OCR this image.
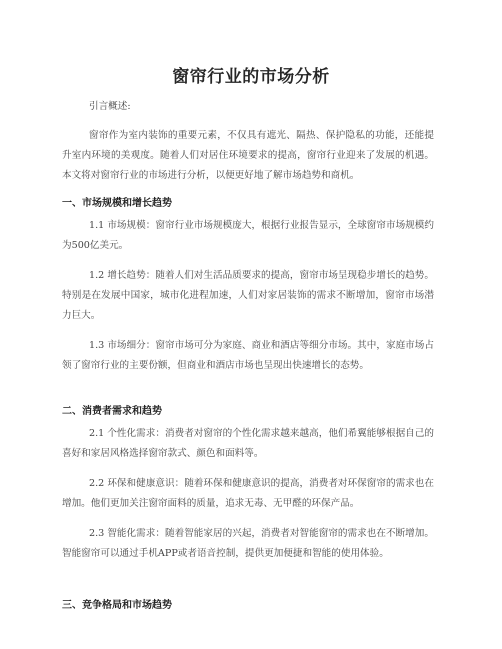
窗帘行业的市场分析

引言概述:

窗帘作为室内装饰的重要元素，不仅具有遮光、隔热、保护隐私的功能，还能提升室内环境的美观度。随着人们对居住环境要求的提高，窗帘行业迎来了发展的机遇。本文将对窗帘行业的市场进行分析，以便更好地了解市场趋势和商机。

一、市场规模和增长趋势

1.1 市场规模：窗帘行业市场规模庞大，根据行业报告显示，全球窗帘市场规模约为500亿美元。

1.2 增长趋势：随着人们对生活品质要求的提高，窗帘市场呈现稳步增长的趋势。特别是在发展中国家，城市化进程加速，人们对家居装饰的需求不断增加，窗帘市场潜力巨大。

1.3 市场细分：窗帘市场可分为家庭、商业和酒店等细分市场。其中，家庭市场占领了窗帘行业的主要份额，但商业和酒店市场也呈现出快速增长的态势。

二、消费者需求和趋势

2.1 个性化需求：消费者对窗帘的个性化需求越来越高，他们希翼能够根据自己的喜好和家居风格选择窗帘款式、颜色和面料等。

2.2 环保和健康意识：随着环保和健康意识的提高，消费者对环保窗帘的需求也在增加。他们更加关注窗帘面料的质量，追求无毒、无甲醛的环保产品。

2.3 智能化需求：随着智能家居的兴起，消费者对智能窗帘的需求也在不断增加。智能窗帘可以通过手机APP或者语音控制，提供更加便捷和智能的使用体验。

三、竞争格局和市场趋势
